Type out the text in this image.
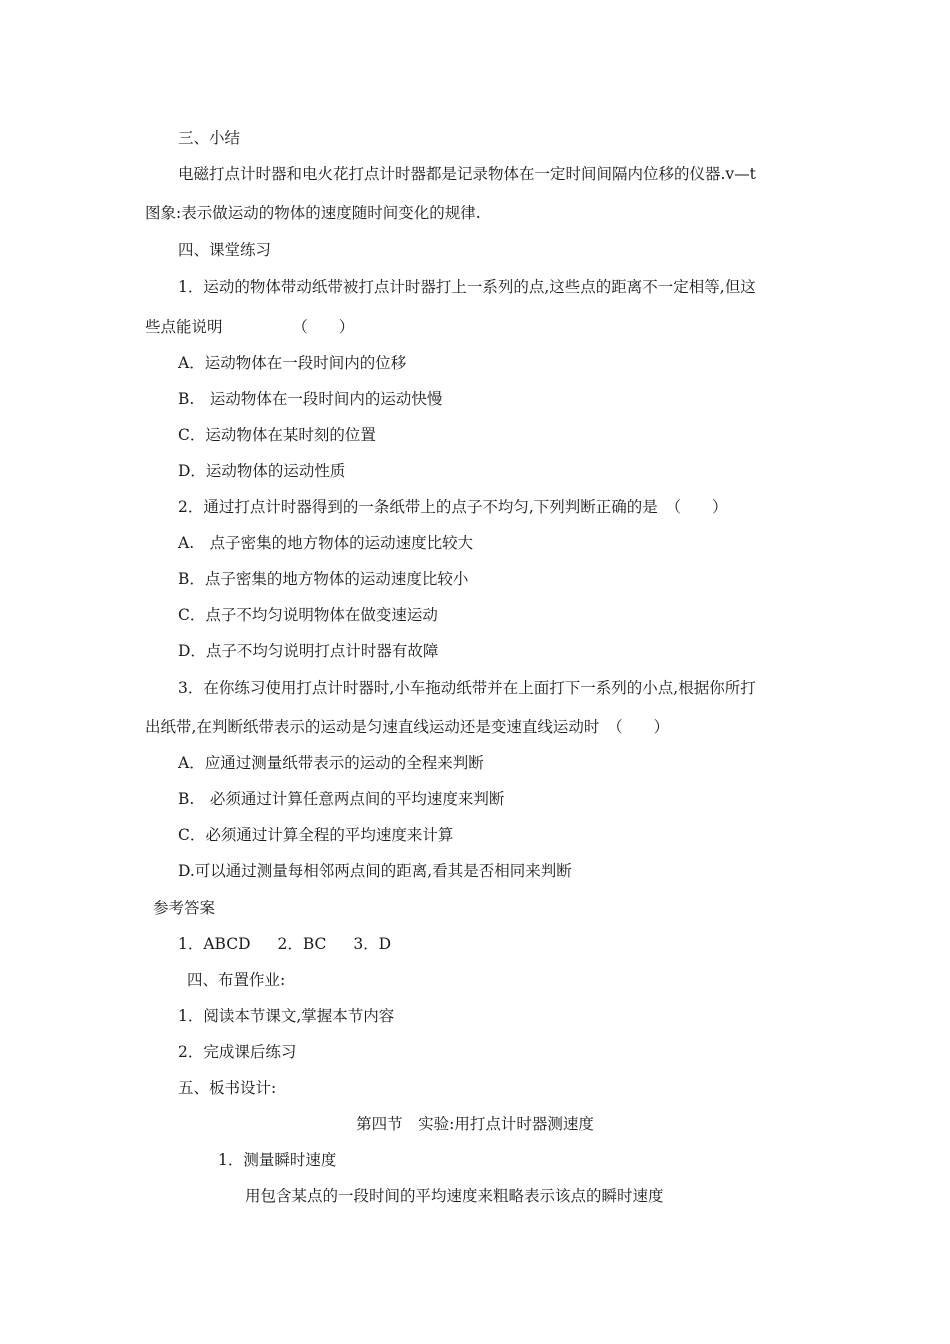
三、小结
电磁打点计时器和电火花打点计时器都是记录物体在一定时间间隔内位移的仪器.v—t
图象:表示做运动的物体的速度随时间变化的规律.
四、课堂练习
1．运动的物体带动纸带被打点计时器打上一系列的点,这些点的距离不一定相等,但这
些点能说明　　　　　（　　）
A．运动物体在一段时间内的位移
B.　运动物体在一段时间内的运动快慢
C．运动物体在某时刻的位置
D．运动物体的运动性质
2．通过打点计时器得到的一条纸带上的点子不均匀,下列判断正确的是　（　　）
A.　点子密集的地方物体的运动速度比较大
B．点子密集的地方物体的运动速度比较小
C．点子不均匀说明物体在做变速运动
D．点子不均匀说明打点计时器有故障
3．在你练习使用打点计时器时,小车拖动纸带并在上面打下一系列的小点,根据你所打
出纸带,在判断纸带表示的运动是匀速直线运动还是变速直线运动时　（　　）
A．应通过测量纸带表示的运动的全程来判断
B.　必须通过计算任意两点间的平均速度来判断
C．必须通过计算全程的平均速度来计算
D.可以通过测量每相邻两点间的距离,看其是否相同来判断
参考答案
1．ABCD 2．BC 3．D
四、布置作业:
1．阅读本节课文,掌握本节内容
2．完成课后练习
五、板书设计:
第四节　实验:用打点计时器测速度
1．测量瞬时速度
用包含某点的一段时间的平均速度来粗略表示该点的瞬时速度
